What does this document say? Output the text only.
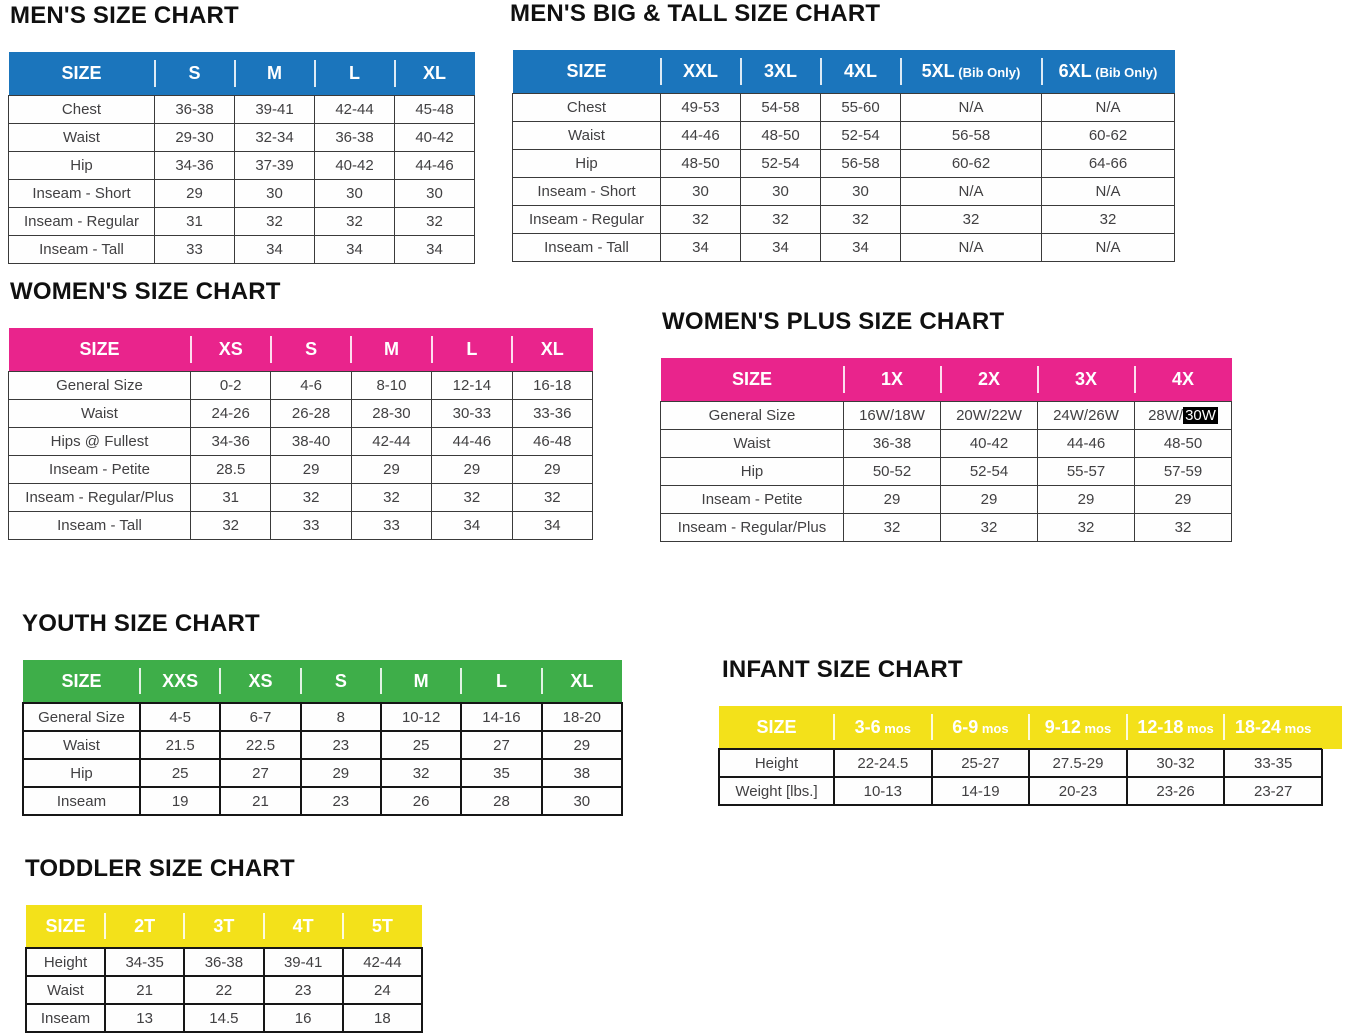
MEN'S SIZE CHART
SIZE	S	M	L	XL
Chest	36-38	39-41	42-44	45-48
Waist	29-30	32-34	36-38	40-42
Hip	34-36	37-39	40-42	44-46
Inseam - Short	29	30	30	30
Inseam - Regular	31	32	32	32
Inseam - Tall	33	34	34	34
MEN'S BIG & TALL SIZE CHART
SIZE	XXL	3XL	4XL	5XL (Bib Only)	6XL (Bib Only)
Chest	49-53	54-58	55-60	N/A	N/A
Waist	44-46	48-50	52-54	56-58	60-62
Hip	48-50	52-54	56-58	60-62	64-66
Inseam - Short	30	30	30	N/A	N/A
Inseam - Regular	32	32	32	32	32
Inseam - Tall	34	34	34	N/A	N/A
WOMEN'S SIZE CHART
SIZE	XS	S	M	L	XL
General Size	0-2	4-6	8-10	12-14	16-18
Waist	24-26	26-28	28-30	30-33	33-36
Hips @ Fullest	34-36	38-40	42-44	44-46	46-48
Inseam - Petite	28.5	29	29	29	29
Inseam - Regular/Plus	31	32	32	32	32
Inseam - Tall	32	33	33	34	34
WOMEN'S PLUS SIZE CHART
SIZE	1X	2X	3X	4X
General Size	16W/18W	20W/22W	24W/26W	28W/ 30W
Waist	36-38	40-42	44-46	48-50
Hip	50-52	52-54	55-57	57-59
Inseam - Petite	29	29	29	29
Inseam - Regular/Plus	32	32	32	32
YOUTH SIZE CHART
SIZE	XXS	XS	S	M	L	XL
General Size	4-5	6-7	8	10-12	14-16	18-20
Waist	21.5	22.5	23	25	27	29
Hip	25	27	29	32	35	38
Inseam	19	21	23	26	28	30
INFANT SIZE CHART
SIZE	3-6 mos	6-9 mos	9-12 mos	12-18 mos	18-24 mos
Height	22-24.5	25-27	27.5-29	30-32	33-35
Weight [lbs.]	10-13	14-19	20-23	23-26	23-27
TODDLER SIZE CHART
SIZE	2T	3T	4T	5T
Height	34-35	36-38	39-41	42-44
Waist	21	22	23	24
Inseam	13	14.5	16	18
